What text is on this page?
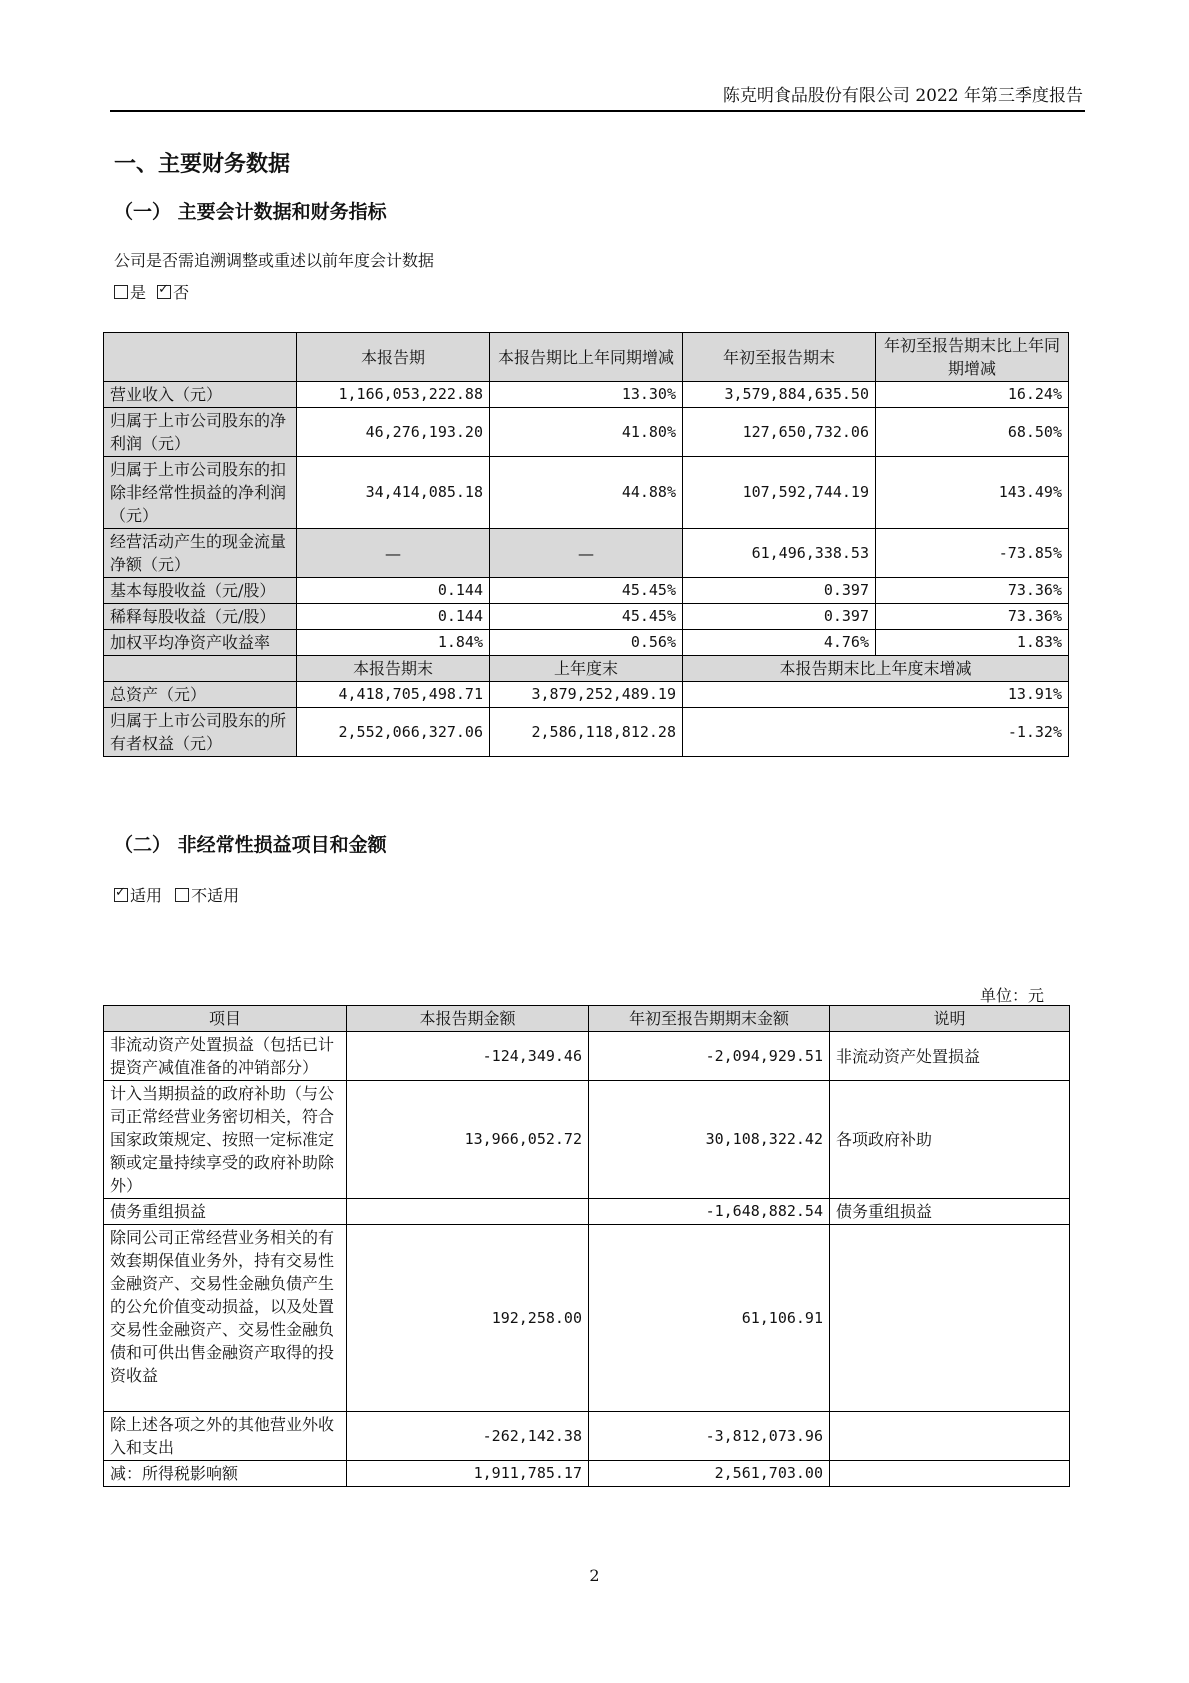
陈克明食品股份有限公司 2022 年第三季度报告
一、主要财务数据
（一） 主要会计数据和财务指标
公司是否需追溯调整或重述以前年度会计数据
是 ✓ 否
	本报告期	本报告期比上年同期增减	年初至报告期末	年初至报告期末比上年同期增减
营业收入（元）	1,166,053,222.88	13.30%	3,579,884,635.50	16.24%
归属于上市公司股东的净利润（元）	46,276,193.20	41.80%	127,650,732.06	68.50%
归属于上市公司股东的扣除非经常性损益的净利润（元）	34,414,085.18	44.88%	107,592,744.19	143.49%
经营活动产生的现金流量净额（元）	—	—	61,496,338.53	-73.85%
基本每股收益（元/股）	0.144	45.45%	0.397	73.36%
稀释每股收益（元/股）	0.144	45.45%	0.397	73.36%
加权平均净资产收益率	1.84%	0.56%	4.76%	1.83%
	本报告期末	上年度末	本报告期末比上年度末增减	
总资产（元）	4,418,705,498.71	3,879,252,489.19	13.91%	
归属于上市公司股东的所有者权益（元）	2,552,066,327.06	2,586,118,812.28	-1.32%	
（二） 非经常性损益项目和金额
✓适用 不适用
单位：元
项目	本报告期金额	年初至报告期期末金额	说明
非流动资产处置损益（包括已计提资产减值准备的冲销部分）	-124,349.46	-2,094,929.51	非流动资产处置损益
计入当期损益的政府补助（与公司正常经营业务密切相关，符合国家政策规定、按照一定标准定额或定量持续享受的政府补助除外）	13,966,052.72	30,108,322.42	各项政府补助
债务重组损益		-1,648,882.54	债务重组损益
除同公司正常经营业务相关的有效套期保值业务外，持有交易性金融资产、交易性金融负债产生的公允价值变动损益，以及处置交易性金融资产、交易性金融负债和可供出售金融资产取得的投资收益	192,258.00	61,106.91	
除上述各项之外的其他营业外收入和支出	-262,142.38	-3,812,073.96	
减：所得税影响额	1,911,785.17	2,561,703.00	
2
